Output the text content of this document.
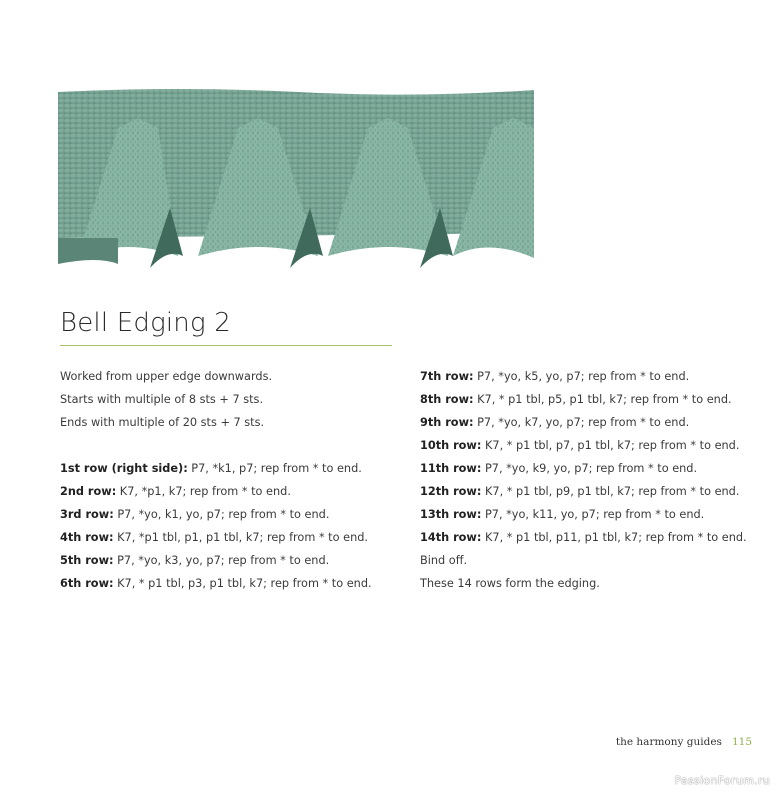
Bell Edging 2
Worked from upper edge downwards.
Starts with multiple of 8 sts + 7 sts.
Ends with multiple of 20 sts + 7 sts.
1st row (right side): P7, *k1, p7; rep from * to end.
2nd row: K7, *p1, k7; rep from * to end.
3rd row: P7, *yo, k1, yo, p7; rep from * to end.
4th row: K7, *p1 tbl, p1, p1 tbl, k7; rep from * to end.
5th row: P7, *yo, k3, yo, p7; rep from * to end.
6th row: K7, * p1 tbl, p3, p1 tbl, k7; rep from * to end.
7th row: P7, *yo, k5, yo, p7; rep from * to end.
8th row: K7, * p1 tbl, p5, p1 tbl, k7; rep from * to end.
9th row: P7, *yo, k7, yo, p7; rep from * to end.
10th row: K7, * p1 tbl, p7, p1 tbl, k7; rep from * to end.
11th row: P7, *yo, k9, yo, p7; rep from * to end.
12th row: K7, * p1 tbl, p9, p1 tbl, k7; rep from * to end.
13th row: P7, *yo, k11, yo, p7; rep from * to end.
14th row: K7, * p1 tbl, p11, p1 tbl, k7; rep from * to end.
Bind off.
These 14 rows form the edging.
the harmony guides 115
PassionForum.ru
